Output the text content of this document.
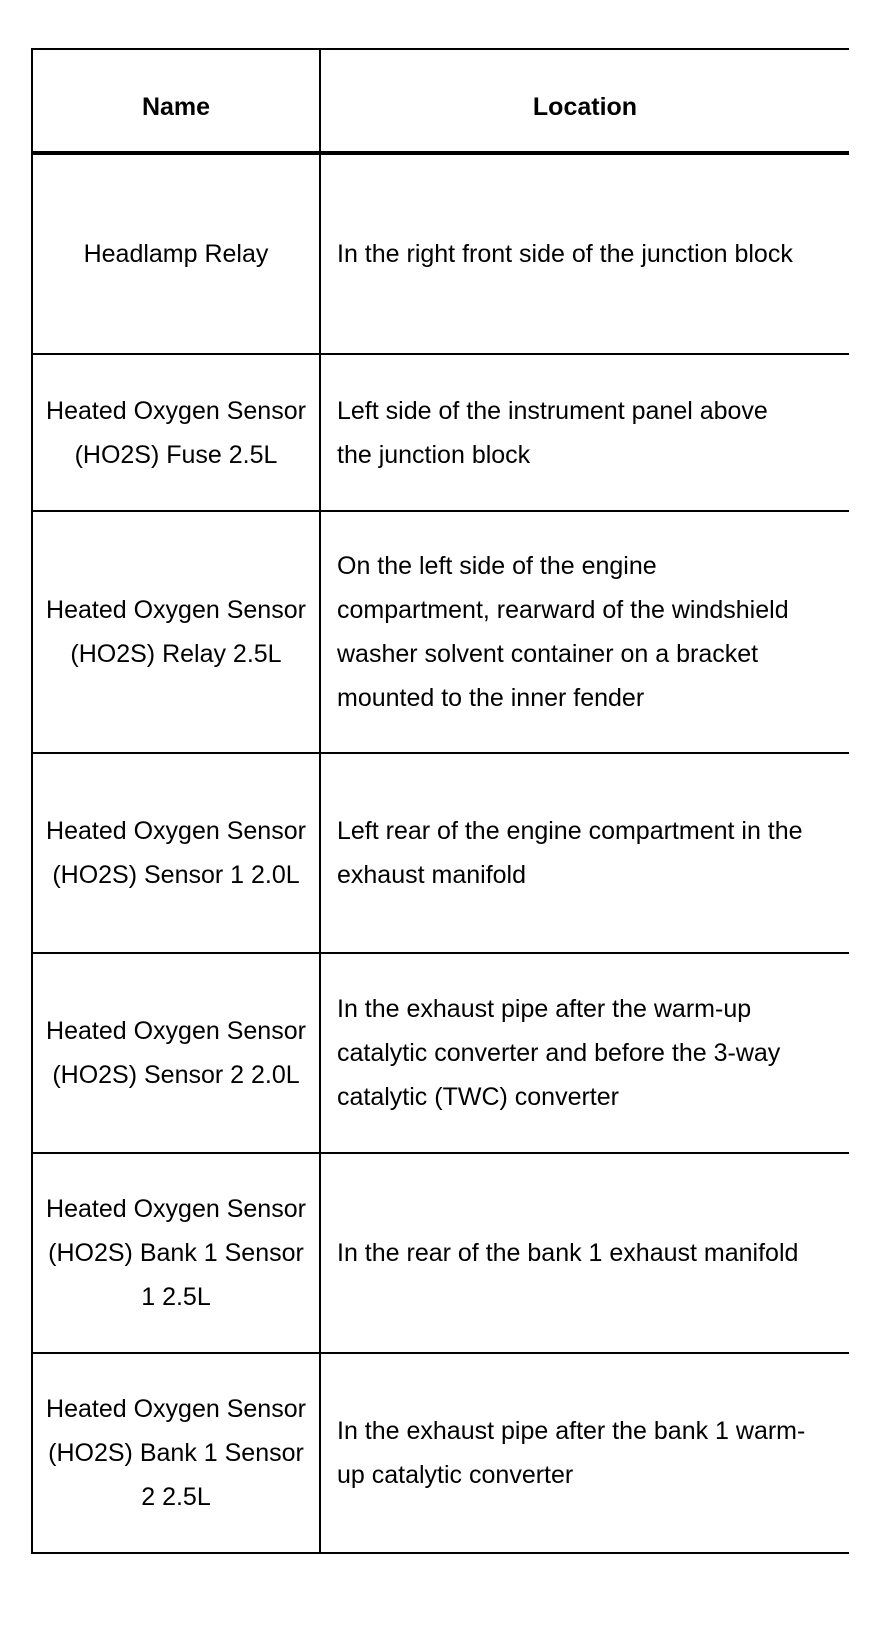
Name	Location
Headlamp Relay	In the right front side of the junction block
Heated Oxygen Sensor (HO2S) Fuse 2.5L	Left side of the instrument panel above the junction block
Heated Oxygen Sensor (HO2S) Relay 2.5L	On the left side of the engine compartment, rearward of the windshield washer solvent container on a bracket mounted to the inner fender
Heated Oxygen Sensor (HO2S) Sensor 1 2.0L	Left rear of the engine compartment in the exhaust manifold
Heated Oxygen Sensor (HO2S) Sensor 2 2.0L	In the exhaust pipe after the warm-up catalytic converter and before the 3-way catalytic (TWC) converter
Heated Oxygen Sensor (HO2S) Bank 1 Sensor 1 2.5L	In the rear of the bank 1 exhaust manifold
Heated Oxygen Sensor (HO2S) Bank 1 Sensor 2 2.5L	In the exhaust pipe after the bank 1 warm-up catalytic converter
